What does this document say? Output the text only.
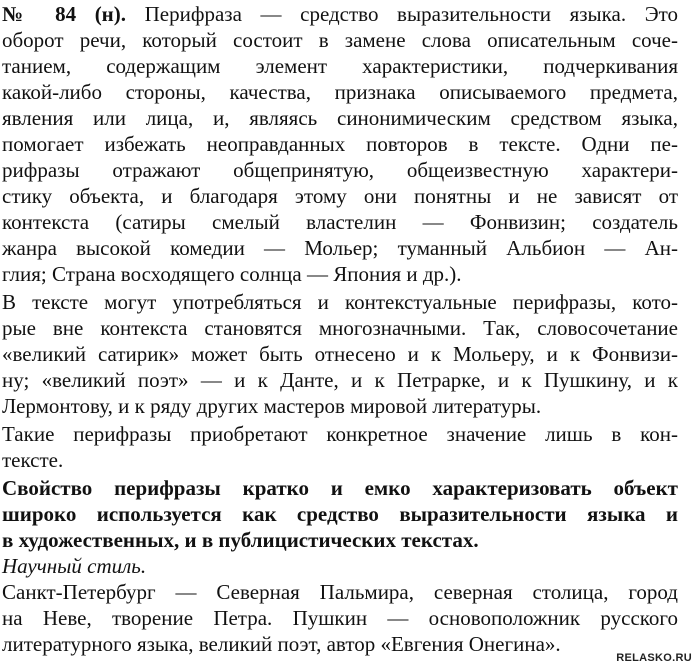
№ 84 (н). Перифраза — средство выразительности языка. Это
оборот речи, который состоит в замене слова описательным соче-
танием, содержащим элемент характеристики, подчеркивания
какой-либо стороны, качества, признака описываемого предмета,
явления или лица, и, являясь синонимическим средством языка,
помогает избежать неоправданных повторов в тексте. Одни пе-
рифразы отражают общепринятую, общеизвестную характери-
стику объекта, и благодаря этому они понятны и не зависят от
контекста (сатиры смелый властелин — Фонвизин; создатель
жанра высокой комедии — Мольер; туманный Альбион — Ан-
глия; Страна восходящего солнца — Япония и др.).
В тексте могут употребляться и контекстуальные перифразы, кото-
рые вне контекста становятся многозначными. Так, словосочетание
«великий сатирик» может быть отнесено и к Мольеру, и к Фонвизи-
ну; «великий поэт» — и к Данте, и к Петрарке, и к Пушкину, и к
Лермонтову, и к ряду других мастеров мировой литературы.
Такие перифразы приобретают конкретное значение лишь в кон-
тексте.
Свойство перифразы кратко и емко характеризовать объект
широко используется как средство выразительности языка и
в художественных, и в публицистических текстах.
Научный стиль.
Санкт-Петербург — Северная Пальмира, северная столица, город
на Неве, творение Петра. Пушкин — основоположник русского
литературного языка, великий поэт, автор «Евгения Онегина».
RELASKO.RU
